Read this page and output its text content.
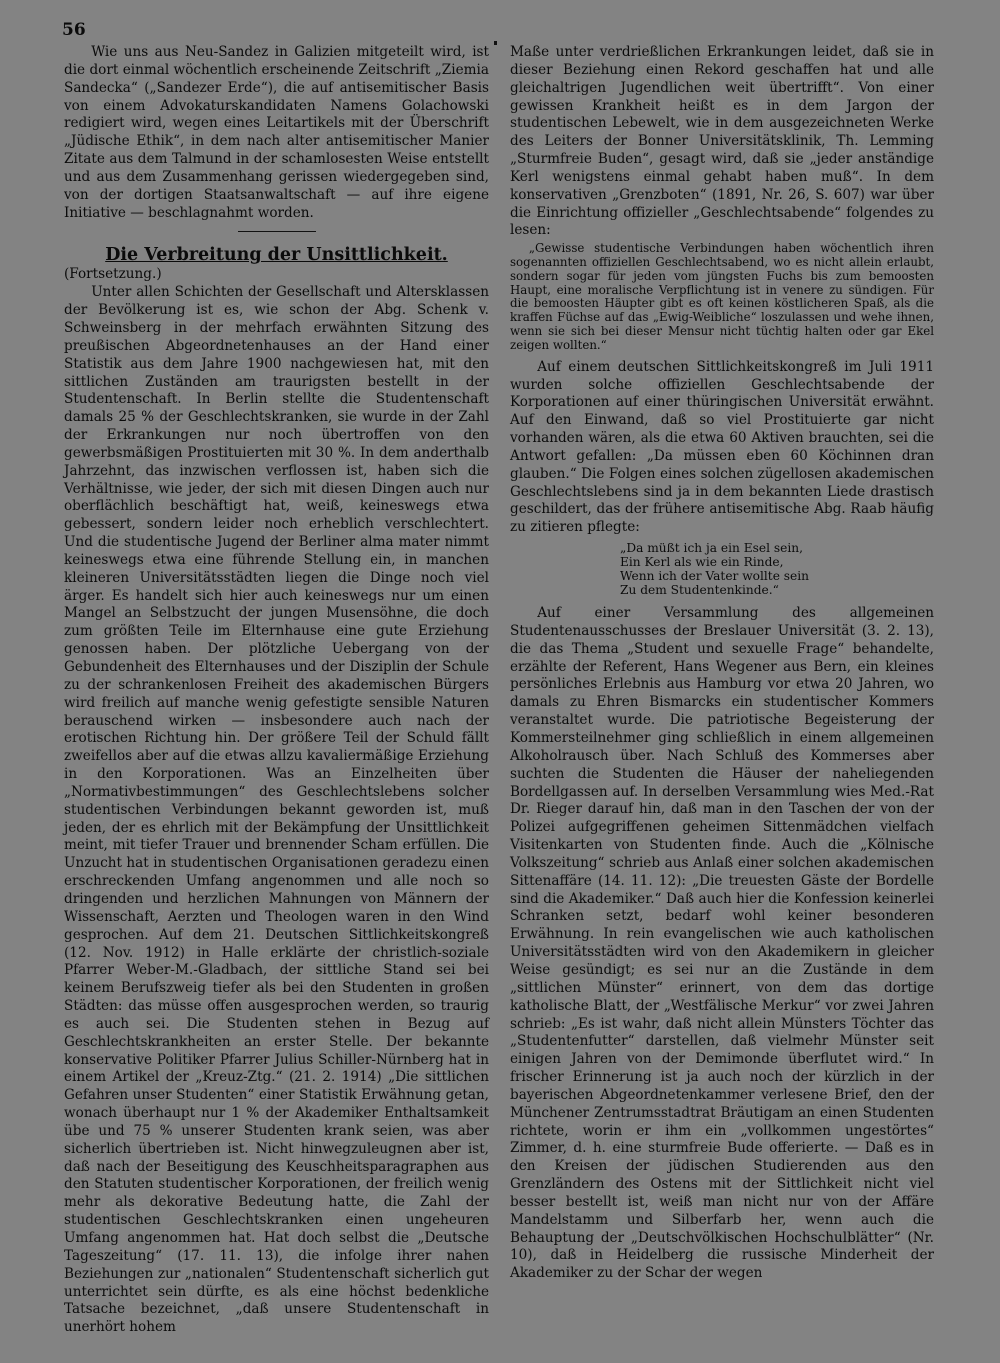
56

Wie uns aus Neu-Sandez in Galizien mitgeteilt wird, ist die dort einmal wöchentlich erscheinende Zeitschrift „Ziemia Sandecka“ („Sandezer Erde“), die auf antisemitischer Basis von einem Advokaturskandidaten Namens Golachowski redigiert wird, wegen eines Leitartikels mit der Überschrift „Jüdische Ethik“, in dem nach alter antisemitischer Manier Zitate aus dem Talmund in der schamlosesten Weise entstellt und aus dem Zusammenhang gerissen wiedergegeben sind, von der dortigen Staatsanwaltschaft — auf ihre eigene Initiative — beschlagnahmt worden.

Die Verbreitung der Unsittlichkeit.

(Fortsetzung.)

Unter allen Schichten der Gesellschaft und Altersklassen der Bevölkerung ist es, wie schon der Abg. Schenk v. Schweinsberg in der mehrfach erwähnten Sitzung des preußischen Abgeordnetenhauses an der Hand einer Statistik aus dem Jahre 1900 nachgewiesen hat, mit den sittlichen Zuständen am traurigsten bestellt in der Studentenschaft. In Berlin stellte die Studentenschaft damals 25 % der Geschlechtskranken, sie wurde in der Zahl der Erkrankungen nur noch übertroffen von den gewerbsmäßigen Prostituierten mit 30 %. In dem anderthalb Jahrzehnt, das inzwischen verflossen ist, haben sich die Verhältnisse, wie jeder, der sich mit diesen Dingen auch nur oberflächlich beschäftigt hat, weiß, keineswegs etwa gebessert, sondern leider noch erheblich verschlechtert. Und die studentische Jugend der Berliner alma mater nimmt keineswegs etwa eine führende Stellung ein, in manchen kleineren Universitätsstädten liegen die Dinge noch viel ärger. Es handelt sich hier auch keineswegs nur um einen Mangel an Selbstzucht der jungen Musensöhne, die doch zum größten Teile im Elternhause eine gute Erziehung genossen haben. Der plötzliche Uebergang von der Gebundenheit des Elternhauses und der Disziplin der Schule zu der schrankenlosen Freiheit des akademischen Bürgers wird freilich auf manche wenig gefestigte sensible Naturen berauschend wirken — insbesondere auch nach der erotischen Richtung hin. Der größere Teil der Schuld fällt zweifellos aber auf die etwas allzu kavaliermäßige Erziehung in den Korporationen. Was an Einzelheiten über „Normativbestimmungen“ des Geschlechtslebens solcher studentischen Verbindungen bekannt geworden ist, muß jeden, der es ehrlich mit der Bekämpfung der Unsittlichkeit meint, mit tiefer Trauer und brennender Scham erfüllen. Die Unzucht hat in studentischen Organisationen geradezu einen erschreckenden Umfang angenommen und alle noch so dringenden und herzlichen Mahnungen von Männern der Wissenschaft, Aerzten und Theologen waren in den Wind gesprochen. Auf dem 21. Deutschen Sittlichkeitskongreß (12. Nov. 1912) in Halle erklärte der christlich-soziale Pfarrer Weber-M.-Gladbach, der sittliche Stand sei bei keinem Berufszweig tiefer als bei den Studenten in großen Städten: das müsse offen ausgesprochen werden, so traurig es auch sei. Die Studenten stehen in Bezug auf Geschlechtskrankheiten an erster Stelle. Der bekannte konservative Politiker Pfarrer Julius Schiller-Nürnberg hat in einem Artikel der „Kreuz-Ztg.“ (21. 2. 1914) „Die sittlichen Gefahren unser Studenten“ einer Statistik Erwähnung getan, wonach überhaupt nur 1 % der Akademiker Enthaltsamkeit übe und 75 % unserer Studenten krank seien, was aber sicherlich übertrieben ist. Nicht hinwegzuleugnen aber ist, daß nach der Beseitigung des Keuschheitsparagraphen aus den Statuten studentischer Korporationen, der freilich wenig mehr als dekorative Bedeutung hatte, die Zahl der studentischen Geschlechtskranken einen ungeheuren Umfang angenommen hat. Hat doch selbst die „Deutsche Tageszeitung“ (17. 11. 13), die infolge ihrer nahen Beziehungen zur „nationalen“ Studentenschaft sicherlich gut unterrichtet sein dürfte, es als eine höchst bedenkliche Tatsache bezeichnet, „daß unsere Studentenschaft in unerhört hohem

Maße unter verdrießlichen Erkrankungen leidet, daß sie in dieser Beziehung einen Rekord geschaffen hat und alle gleichaltrigen Jugendlichen weit übertrifft“. Von einer gewissen Krankheit heißt es in dem Jargon der studentischen Lebewelt, wie in dem ausgezeichneten Werke des Leiters der Bonner Universitätsklinik, Th. Lemming „Sturmfreie Buden“, gesagt wird, daß sie „jeder anständige Kerl wenigstens einmal gehabt haben muß“. In dem konservativen „Grenzboten“ (1891, Nr. 26, S. 607) war über die Einrichtung offizieller „Geschlechtsabende“ folgendes zu lesen:

„Gewisse studentische Verbindungen haben wöchentlich ihren sogenannten offiziellen Geschlechtsabend, wo es nicht allein erlaubt, sondern sogar für jeden vom jüngsten Fuchs bis zum bemoosten Haupt, eine moralische Verpflichtung ist in venere zu sündigen. Für die bemoosten Häupter gibt es oft keinen köstlicheren Spaß, als die kraffen Füchse auf das „Ewig-Weibliche“ loszulassen und wehe ihnen, wenn sie sich bei dieser Mensur nicht tüchtig halten oder gar Ekel zeigen wollten.“

Auf einem deutschen Sittlichkeitskongreß im Juli 1911 wurden solche offiziellen Geschlechtsabende der Korporationen auf einer thüringischen Universität erwähnt. Auf den Einwand, daß so viel Prostituierte gar nicht vorhanden wären, als die etwa 60 Aktiven brauchten, sei die Antwort gefallen: „Da müssen eben 60 Köchinnen dran glauben.“ Die Folgen eines solchen zügellosen akademischen Geschlechtslebens sind ja in dem bekannten Liede drastisch geschildert, das der frühere antisemitische Abg. Raab häufig zu zitieren pflegte:

„Da müßt ich ja ein Esel sein,
Ein Kerl als wie ein Rinde,
Wenn ich der Vater wollte sein
Zu dem Studentenkinde.“

Auf einer Versammlung des allgemeinen Studentenausschusses der Breslauer Universität (3. 2. 13), die das Thema „Student und sexuelle Frage“ behandelte, erzählte der Referent, Hans Wegener aus Bern, ein kleines persönliches Erlebnis aus Hamburg vor etwa 20 Jahren, wo damals zu Ehren Bismarcks ein studentischer Kommers veranstaltet wurde. Die patriotische Begeisterung der Kommersteilnehmer ging schließlich in einem allgemeinen Alkoholrausch über. Nach Schluß des Kommerses aber suchten die Studenten die Häuser der naheliegenden Bordellgassen auf. In derselben Versammlung wies Med.-Rat Dr. Rieger darauf hin, daß man in den Taschen der von der Polizei aufgegriffenen geheimen Sittenmädchen vielfach Visitenkarten von Studenten finde. Auch die „Kölnische Volkszeitung“ schrieb aus Anlaß einer solchen akademischen Sittenaffäre (14. 11. 12): „Die treuesten Gäste der Bordelle sind die Akademiker.“ Daß auch hier die Konfession keinerlei Schranken setzt, bedarf wohl keiner besonderen Erwähnung. In rein evangelischen wie auch katholischen Universitätsstädten wird von den Akademikern in gleicher Weise gesündigt; es sei nur an die Zustände in dem „sittlichen Münster“ erinnert, von dem das dortige katholische Blatt, der „Westfälische Merkur“ vor zwei Jahren schrieb: „Es ist wahr, daß nicht allein Münsters Töchter das „Studentenfutter“ darstellen, daß vielmehr Münster seit einigen Jahren von der Demimonde überflutet wird.“ In frischer Erinnerung ist ja auch noch der kürzlich in der bayerischen Abgeordnetenkammer verlesene Brief, den der Münchener Zentrumsstadtrat Bräutigam an einen Studenten richtete, worin er ihm ein „vollkommen ungestörtes“ Zimmer, d. h. eine sturmfreie Bude offerierte. — Daß es in den Kreisen der jüdischen Studierenden aus den Grenzländern des Ostens mit der Sittlichkeit nicht viel besser bestellt ist, weiß man nicht nur von der Affäre Mandelstamm und Silberfarb her, wenn auch die Behauptung der „Deutschvölkischen Hochschulblätter“ (Nr. 10), daß in Heidelberg die russische Minderheit der Akademiker zu der Schar der wegen
